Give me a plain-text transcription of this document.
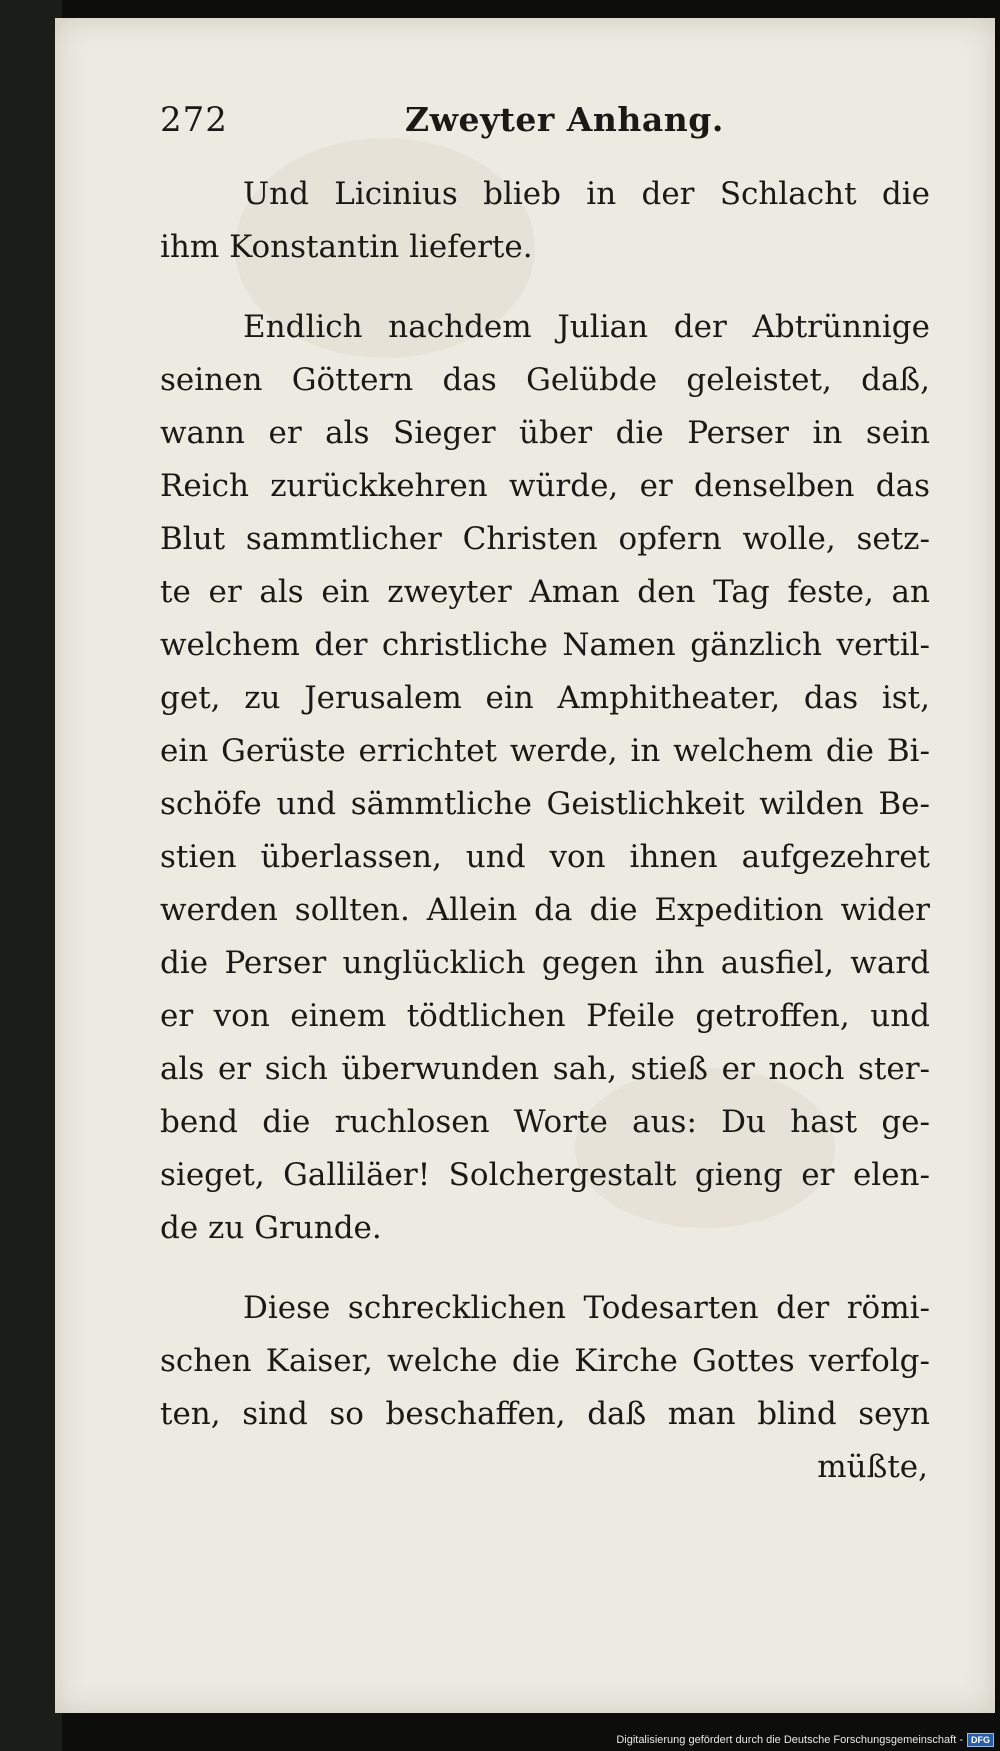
272	Zweyter Anhang.
Und Licinius blieb in der Schlacht die
ihm Konstantin lieferte.
Endlich nachdem Julian der Abtrünnige
seinen Göttern das Gelübde geleistet, daß,
wann er als Sieger über die Perser in sein
Reich zurückkehren würde, er denselben das
Blut sammtlicher Christen opfern wolle, setz-
te er als ein zweyter Aman den Tag feste, an
welchem der christliche Namen gänzlich vertil-
get, zu Jerusalem ein Amphitheater, das ist,
ein Gerüste errichtet werde, in welchem die Bi-
schöfe und sämmtliche Geistlichkeit wilden Be-
stien überlassen, und von ihnen aufgezehret
werden sollten. Allein da die Expedition wider
die Perser unglücklich gegen ihn ausfiel, ward
er von einem tödtlichen Pfeile getroffen, und
als er sich überwunden sah, stieß er noch ster-
bend die ruchlosen Worte aus: Du hast ge-
sieget, Galliläer! Solchergestalt gieng er elen-
de zu Grunde.
Diese schrecklichen Todesarten der römi-
schen Kaiser, welche die Kirche Gottes verfolg-
ten, sind so beschaffen, daß man blind seyn
müßte,
Digitalisierung gefördert durch die Deutsche Forschungsgemeinschaft - DFG
